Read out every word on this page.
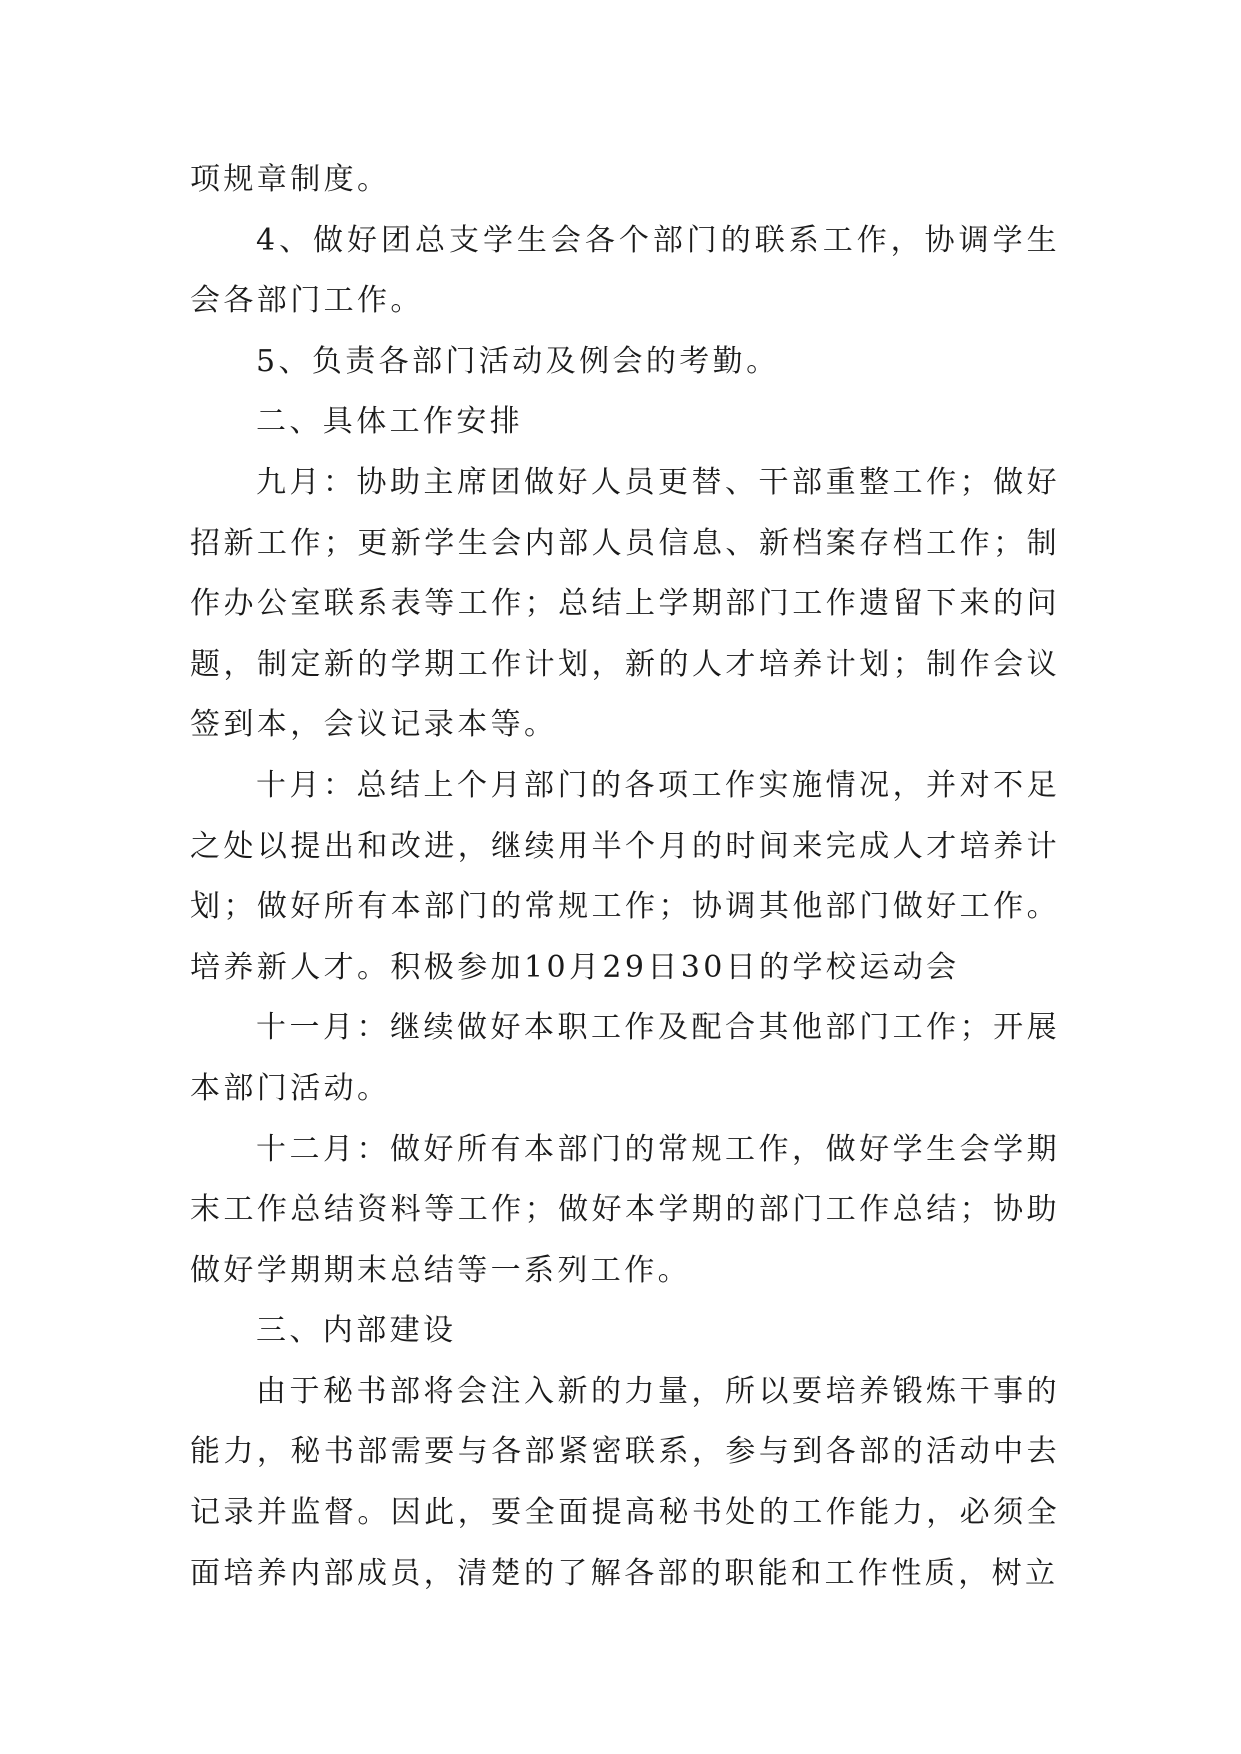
项规章制度。

4、做好团总支学生会各个部门的联系工作，协调学生会各部门工作。

5、负责各部门活动及例会的考勤。

二、具体工作安排

九月：协助主席团做好人员更替、干部重整工作；做好招新工作；更新学生会内部人员信息、新档案存档工作；制作办公室联系表等工作；总结上学期部门工作遗留下来的问题，制定新的学期工作计划，新的人才培养计划；制作会议签到本，会议记录本等。

十月：总结上个月部门的各项工作实施情况，并对不足之处以提出和改进，继续用半个月的时间来完成人才培养计划；做好所有本部门的常规工作；协调其他部门做好工作。培养新人才。积极参加10月29日30日的学校运动会

十一月：继续做好本职工作及配合其他部门工作；开展本部门活动。

十二月：做好所有本部门的常规工作，做好学生会学期末工作总结资料等工作；做好本学期的部门工作总结；协助做好学期期末总结等一系列工作。

三、内部建设

由于秘书部将会注入新的力量，所以要培养锻炼干事的能力，秘书部需要与各部紧密联系，参与到各部的活动中去记录并监督。因此，要全面提高秘书处的工作能力，必须全面培养内部成员，清楚的了解各部的职能和工作性质，树立
